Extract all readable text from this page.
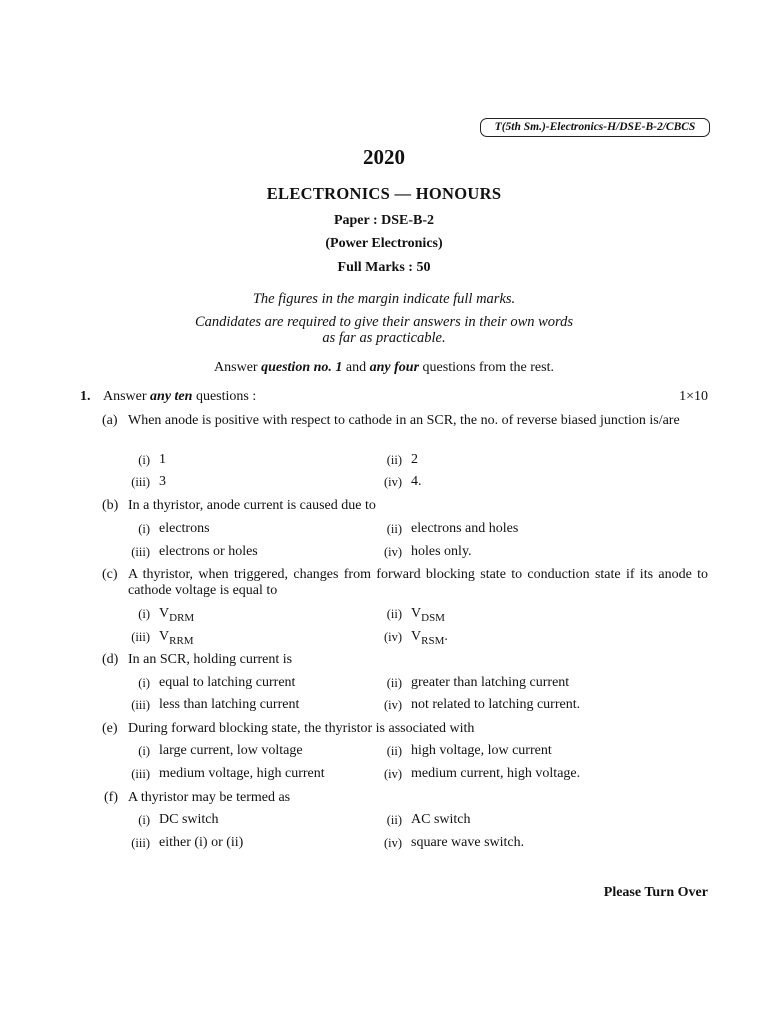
T(5th Sm.)-Electronics-H/DSE-B-2/CBCS
2020
ELECTRONICS — HONOURS
Paper : DSE-B-2
(Power Electronics)
Full Marks : 50
The figures in the margin indicate full marks.
Candidates are required to give their answers in their own words
as far as practicable.
Answer question no. 1 and any four questions from the rest.
1. Answer any ten questions :	1×10
(a) When anode is positive with respect to cathode in an SCR, the no. of reverse biased junction is/are
(i) 1	(ii) 2
(iii) 3	(iv) 4.
(b) In a thyristor, anode current is caused due to
(i) electrons	(ii) electrons and holes
(iii) electrons or holes	(iv) holes only.
(c) A thyristor, when triggered, changes from forward blocking state to conduction state if its anode to cathode voltage is equal to
(i) $V_{DRM}$	(ii) $V_{DSM}$
(iii) $V_{RRM}$	(iv) $V_{RSM}$.
(d) In an SCR, holding current is
(i) equal to latching current	(ii) greater than latching current
(iii) less than latching current	(iv) not related to latching current.
(e) During forward blocking state, the thyristor is associated with
(i) large current, low voltage	(ii) high voltage, low current
(iii) medium voltage, high current	(iv) medium current, high voltage.
(f) A thyristor may be termed as
(i) DC switch	(ii) AC switch
(iii) either (i) or (ii)	(iv) square wave switch.
Please Turn Over
